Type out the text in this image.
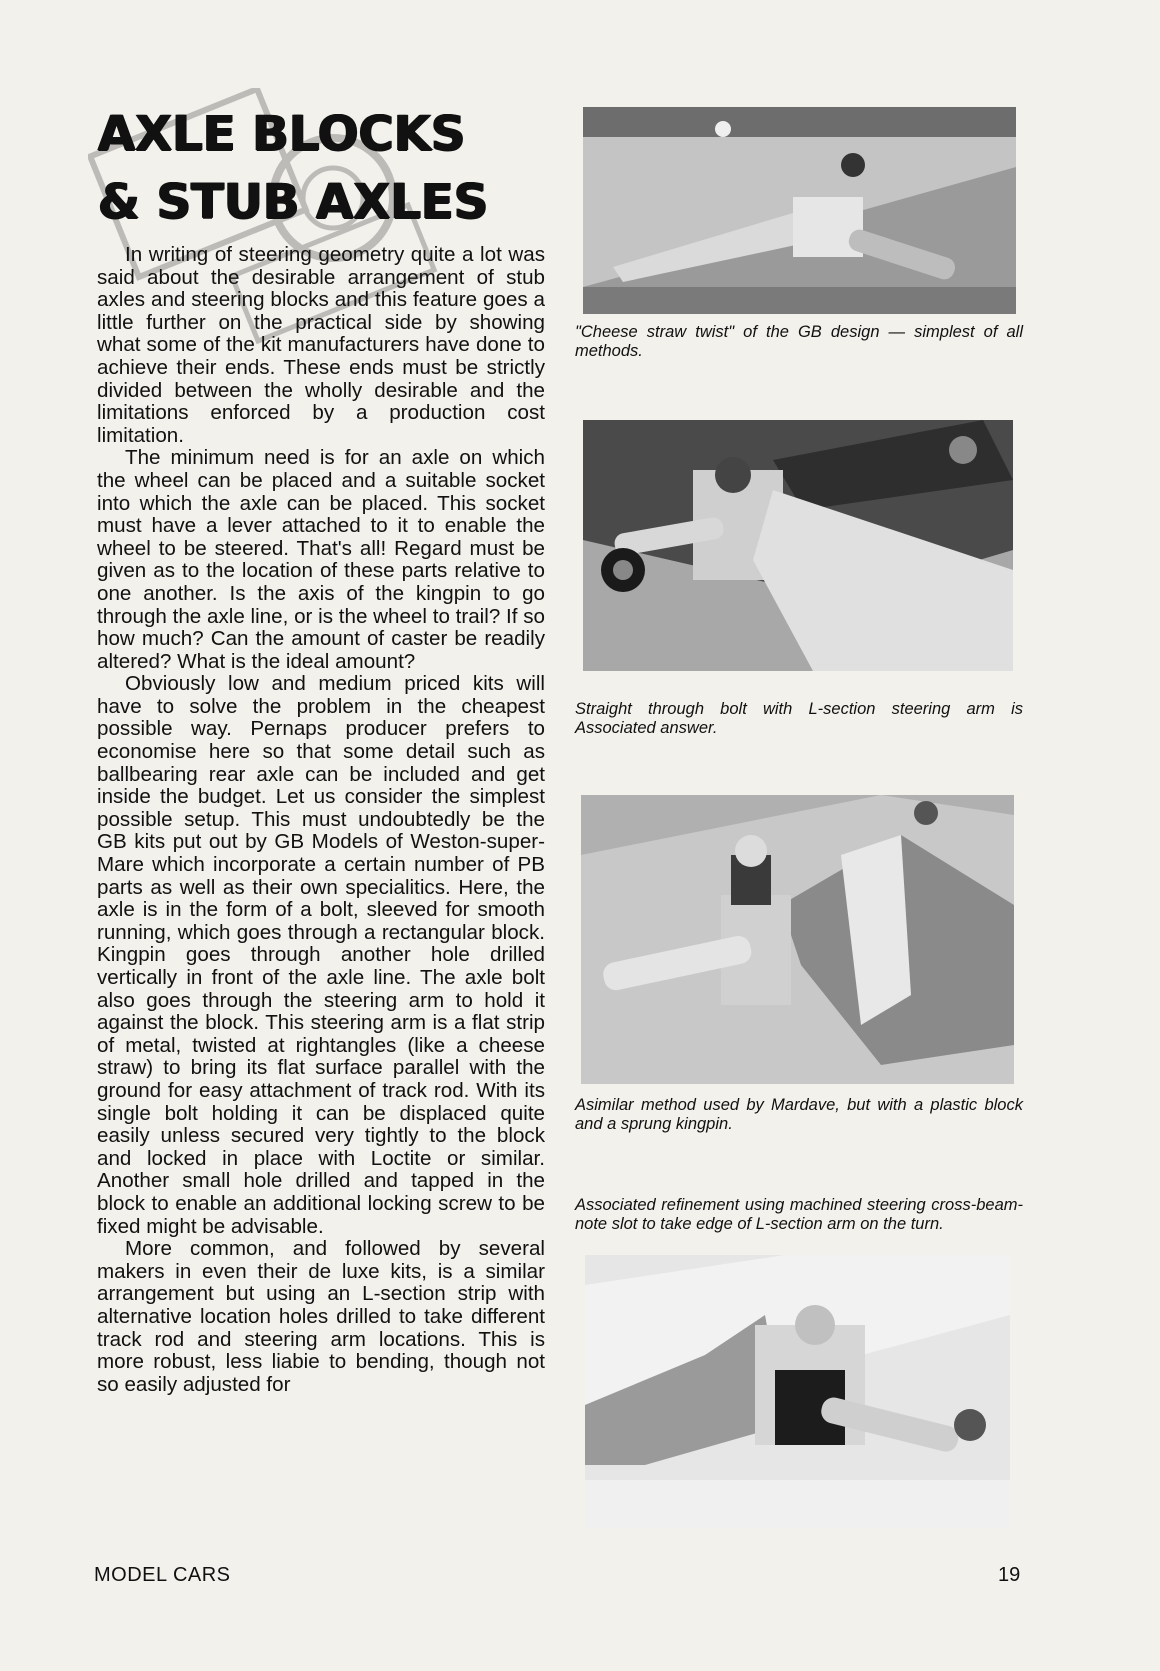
AXLE BLOCKS
& STUB AXLES

In writing of steering geometry quite a lot was said about the desirable arrangement of stub axles and steering blocks and this feature goes a little further on the practical side by showing what some of the kit manufacturers have done to achieve their ends. These ends must be strictly divided between the wholly desirable and the limitations enforced by a production cost limitation.

The minimum need is for an axle on which the wheel can be placed and a suitable socket into which the axle can be placed. This socket must have a lever attached to it to enable the wheel to be steered. That's all! Regard must be given as to the location of these parts relative to one another. Is the axis of the kingpin to go through the axle line, or is the wheel to trail? If so how much? Can the amount of caster be readily altered? What is the ideal amount?

Obviously low and medium priced kits will have to solve the problem in the cheapest possible way. Pernaps producer prefers to economise here so that some detail such as ballbearing rear axle can be included and get inside the budget. Let us consider the simplest possible setup. This must undoubtedly be the GB kits put out by GB Models of Weston-super-Mare which incorporate a certain number of PB parts as well as their own specialitics. Here, the axle is in the form of a bolt, sleeved for smooth running, which goes through a rectangular block. Kingpin goes through another hole drilled vertically in front of the axle line. The axle bolt also goes through the steering arm to hold it against the block. This steering arm is a flat strip of metal, twisted at rightangles (like a cheese straw) to bring its flat surface parallel with the ground for easy attachment of track rod. With its single bolt holding it can be displaced quite easily unless secured very tightly to the block and locked in place with Loctite or similar. Another small hole drilled and tapped in the block to enable an additional locking screw to be fixed might be advisable.

More common, and followed by several makers in even their de luxe kits, is a similar arrangement but using an L-section strip with alternative location holes drilled to take different track rod and steering arm locations. This is more robust, less liabie to bending, though not so easily adjusted for

"Cheese straw twist" of the GB design — simplest of all methods.

Straight through bolt with L-section steering arm is Associated answer.

Asimilar method used by Mardave, but with a plastic block and a sprung kingpin.

Associated refinement using machined steering cross-beam-note slot to take edge of L-section arm on the turn.

MODEL CARS	19
